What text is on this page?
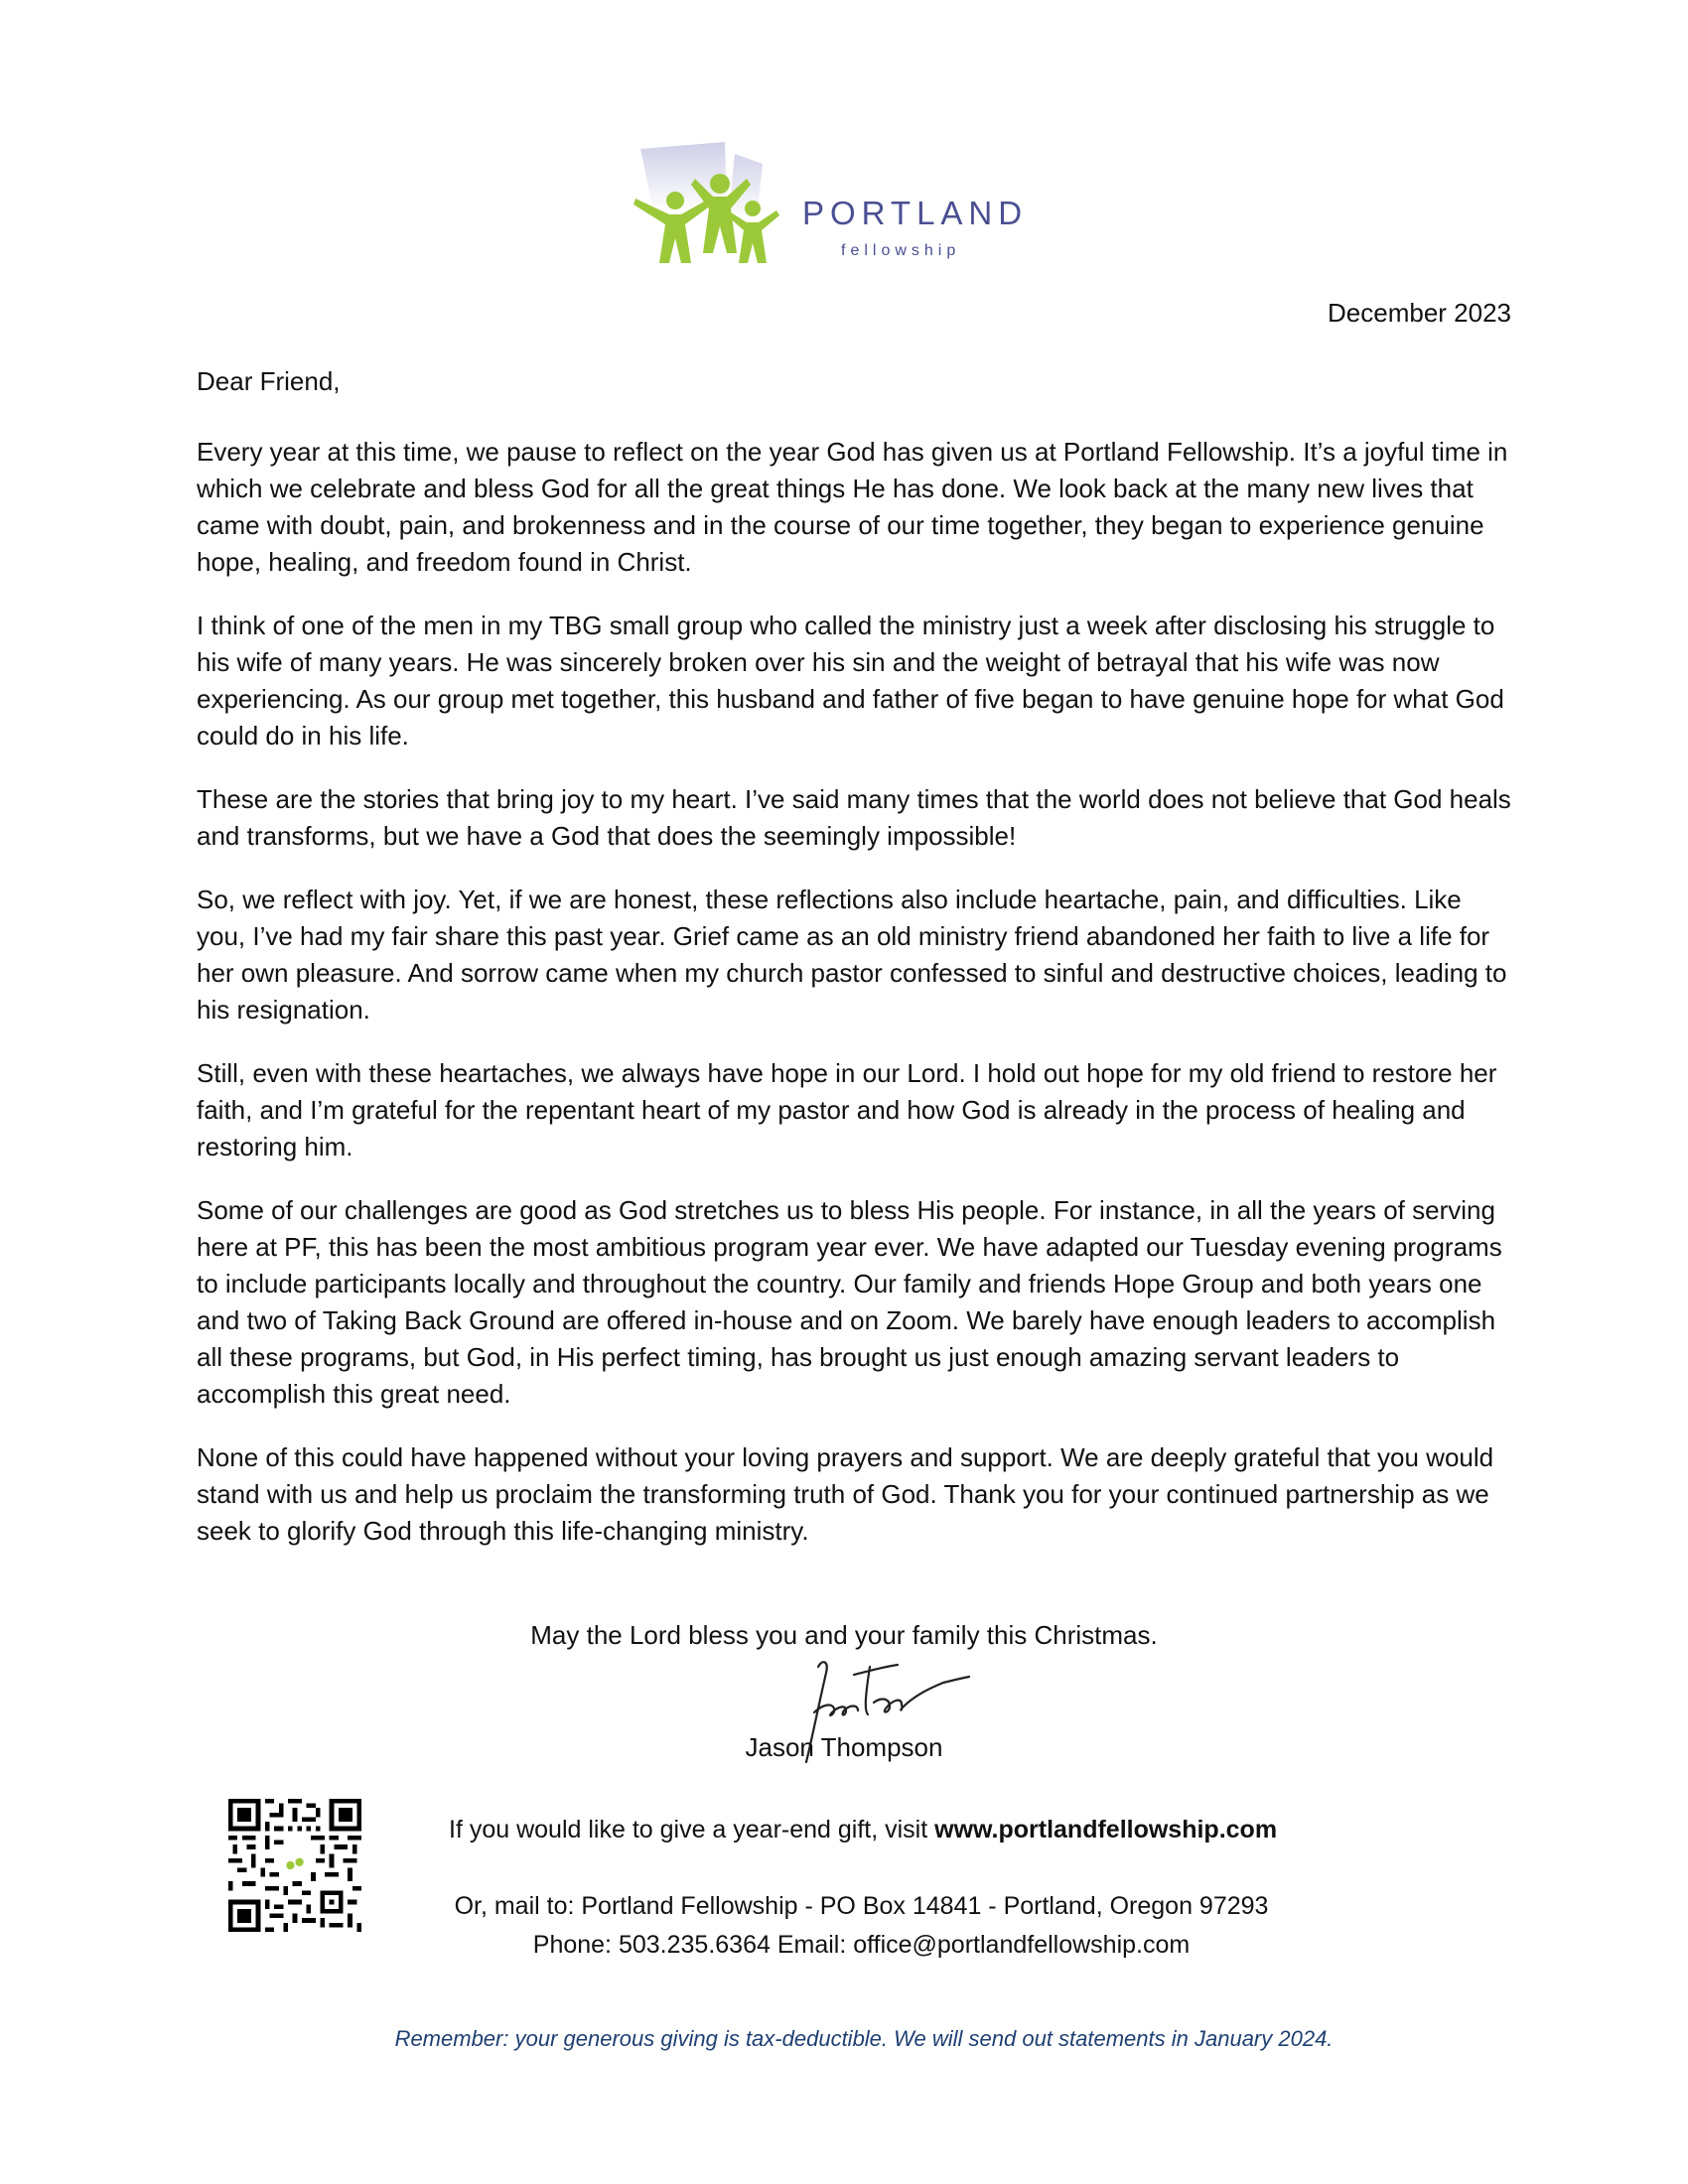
PORTLAND
fellowship
December 2023

Dear Friend,

Every year at this time, we pause to reflect on the year God has given us at Portland Fellowship. It’s a joyful time in which we celebrate and bless God for all the great things He has done. We look back at the many new lives that came with doubt, pain, and brokenness and in the course of our time together, they began to experience genuine hope, healing, and freedom found in Christ.

I think of one of the men in my TBG small group who called the ministry just a week after disclosing his struggle to his wife of many years. He was sincerely broken over his sin and the weight of betrayal that his wife was now experiencing. As our group met together, this husband and father of five began to have genuine hope for what God could do in his life.

These are the stories that bring joy to my heart. I’ve said many times that the world does not believe that God heals and transforms, but we have a God that does the seemingly impossible!

So, we reflect with joy. Yet, if we are honest, these reflections also include heartache, pain, and difficulties. Like you, I’ve had my fair share this past year. Grief came as an old ministry friend abandoned her faith to live a life for her own pleasure. And sorrow came when my church pastor confessed to sinful and destructive choices, leading to his resignation.

Still, even with these heartaches, we always have hope in our Lord. I hold out hope for my old friend to restore her faith, and I’m grateful for the repentant heart of my pastor and how God is already in the process of healing and restoring him.

Some of our challenges are good as God stretches us to bless His people. For instance, in all the years of serving here at PF, this has been the most ambitious program year ever. We have adapted our Tuesday evening programs to include participants locally and throughout the country. Our family and friends Hope Group and both years one and two of Taking Back Ground are offered in-house and on Zoom. We barely have enough leaders to accomplish all these programs, but God, in His perfect timing, has brought us just enough amazing servant leaders to accomplish this great need.

None of this could have happened without your loving prayers and support. We are deeply grateful that you would stand with us and help us proclaim the transforming truth of God. Thank you for your continued partnership as we seek to glorify God through this life-changing ministry.

May the Lord bless you and your family this Christmas.
Jason Thompson
If you would like to give a year-end gift, visit www.portlandfellowship.com
Or, mail to: Portland Fellowship - PO Box 14841 - Portland, Oregon 97293
Phone: 503.235.6364 Email: office@portlandfellowship.com
Remember: your generous giving is tax-deductible. We will send out statements in January 2024.
